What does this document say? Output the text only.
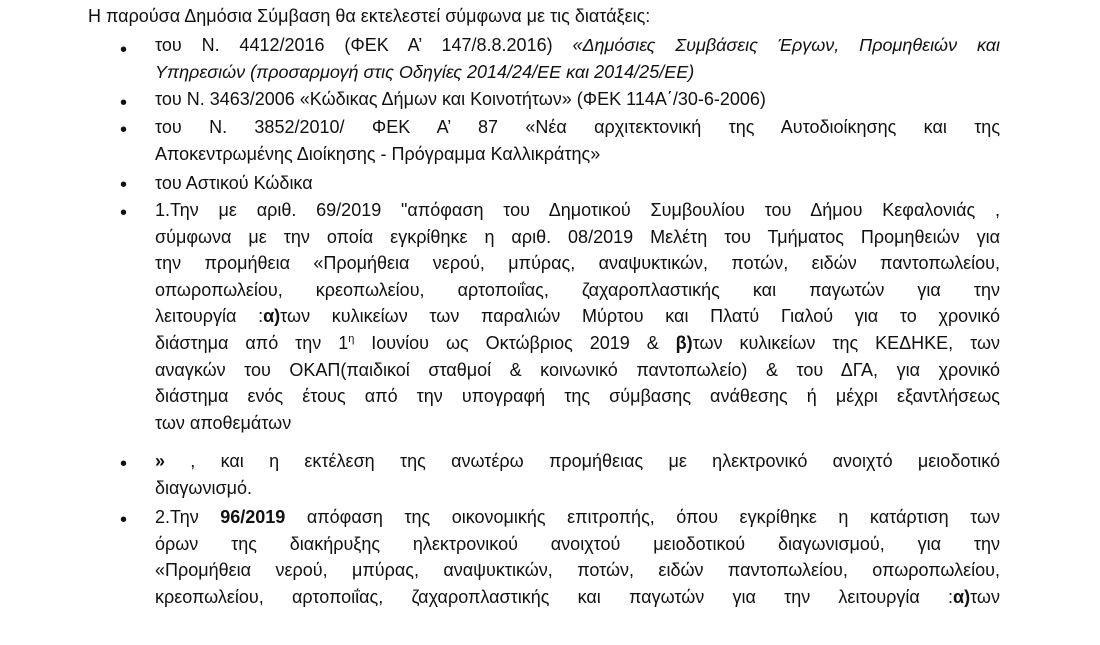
Η παρούσα Δημόσια Σύμβαση θα εκτελεστεί σύμφωνα με τις διατάξεις:
• του Ν. 4412/2016 (ΦΕΚ Α’ 147/8.8.2016) «Δημόσιες Συμβάσεις Έργων, Προμηθειών και
Υπηρεσιών (προσαρμογή στις Οδηγίες 2014/24/ΕΕ και 2014/25/ΕΕ)
• του Ν. 3463/2006 «Κώδικας Δήμων και Κοινοτήτων» (ΦΕΚ 114Α΄/30-6-2006)
• του Ν. 3852/2010/ ΦΕΚ Α’ 87 «Νέα αρχιτεκτονική της Αυτοδιοίκησης και της
Αποκεντρωμένης Διοίκησης - Πρόγραμμα Καλλικράτης»
• του Αστικού Κώδικα
• 1.Την με αριθ. 69/2019 "απόφαση του Δημοτικού Συμβουλίου του Δήμου Κεφαλονιάς ,
σύμφωνα με την οποία εγκρίθηκε η αριθ. 08/2019 Μελέτη του Τμήματος Προμηθειών για
την προμήθεια «Προμήθεια νερού, μπύρας, αναψυκτικών, ποτών, ειδών παντοπωλείου,
οπωροπωλείου, κρεοπωλείου, αρτοποιΐας, ζαχαροπλαστικής και παγωτών για την
λειτουργία :α)των κυλικείων των παραλιών Μύρτου και Πλατύ Γιαλού για το χρονικό
διάστημα από την $1^\eta$ Ιουνίου ως Οκτώβριος 2019 & β)των κυλικείων της ΚΕΔΗΚΕ, των
αναγκών του ΟΚΑΠ(παιδικοί σταθμοί & κοινωνικό παντοπωλείο) & του ΔΓΑ, για χρονικό
διάστημα ενός έτους από την υπογραφή της σύμβασης ανάθεσης ή μέχρι εξαντλήσεως
των αποθεμάτων
• » , και η εκτέλεση της ανωτέρω προμήθειας με ηλεκτρονικό ανοιχτό μειοδοτικό
διαγωνισμό.
• 2.Την 96/2019 απόφαση της οικονομικής επιτροπής, όπου εγκρίθηκε η κατάρτιση των
όρων της διακήρυξης ηλεκτρονικού ανοιχτού μειοδοτικού διαγωνισμού, για την
«Προμήθεια νερού, μπύρας, αναψυκτικών, ποτών, ειδών παντοπωλείου, οπωροπωλείου,
κρεοπωλείου, αρτοποιΐας, ζαχαροπλαστικής και παγωτών για την λειτουργία :α)των
